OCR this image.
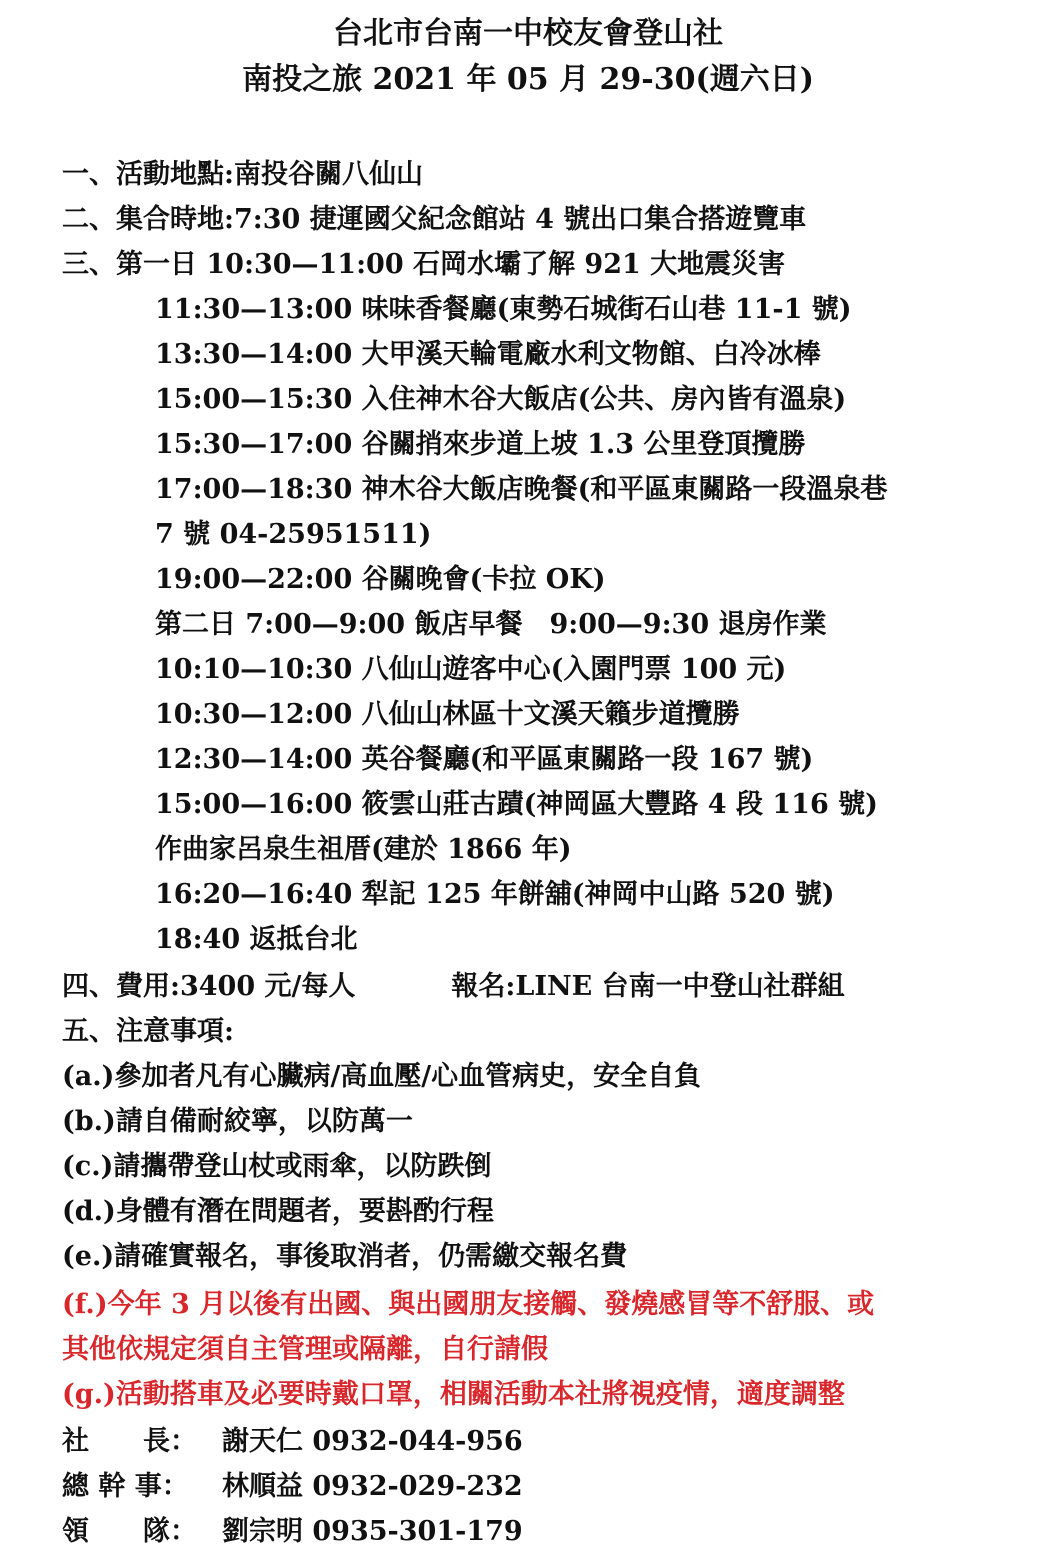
台北市台南一中校友會登山社
南投之旅 2021 年 05 月 29-30(週六日)
一、活動地點:南投谷關八仙山
二、集合時地:7:30 捷運國父紀念館站 4 號出口集合搭遊覽車
三、第一日 10:30—11:00 石岡水壩了解 921 大地震災害
11:30—13:00 味味香餐廳(東勢石城街石山巷 11-1 號)
13:30—14:00 大甲溪天輪電廠水利文物館、白冷冰棒
15:00—15:30 入住神木谷大飯店(公共、房內皆有溫泉)
15:30—17:00 谷關捎來步道上坡 1.3 公里登頂攬勝
17:00—18:30 神木谷大飯店晚餐(和平區東關路一段溫泉巷
7 號 04-25951511)
19:00—22:00 谷關晚會(卡拉 OK)
第二日 7:00—9:00 飯店早餐　9:00—9:30 退房作業
10:10—10:30 八仙山遊客中心(入園門票 100 元)
10:30—12:00 八仙山林區十文溪天籟步道攬勝
12:30—14:00 英谷餐廳(和平區東關路一段 167 號)
15:00—16:00 筱雲山莊古蹟(神岡區大豐路 4 段 116 號)
作曲家呂泉生祖厝(建於 1866 年)
16:20—16:40 犁記 125 年餅舖(神岡中山路 520 號)
18:40 返抵台北
四、費用:3400 元/每人	報名:LINE 台南一中登山社群組
五、注意事項:
(a.)參加者凡有心臟病/高血壓/心血管病史，安全自負
(b.)請自備耐絞寧，以防萬一
(c.)請攜帶登山杖或雨傘，以防跌倒
(d.)身體有潛在問題者，要斟酌行程
(e.)請確實報名，事後取消者，仍需繳交報名費
(f.)今年 3 月以後有出國、與出國朋友接觸、發燒感冒等不舒服、或
其他依規定須自主管理或隔離，自行請假
(g.)活動搭車及必要時戴口罩，相關活動本社將視疫情，適度調整
社　　長： 謝天仁 0932-044-956
總 幹 事： 林順益 0932-029-232
領　　隊： 劉宗明 0935-301-179
